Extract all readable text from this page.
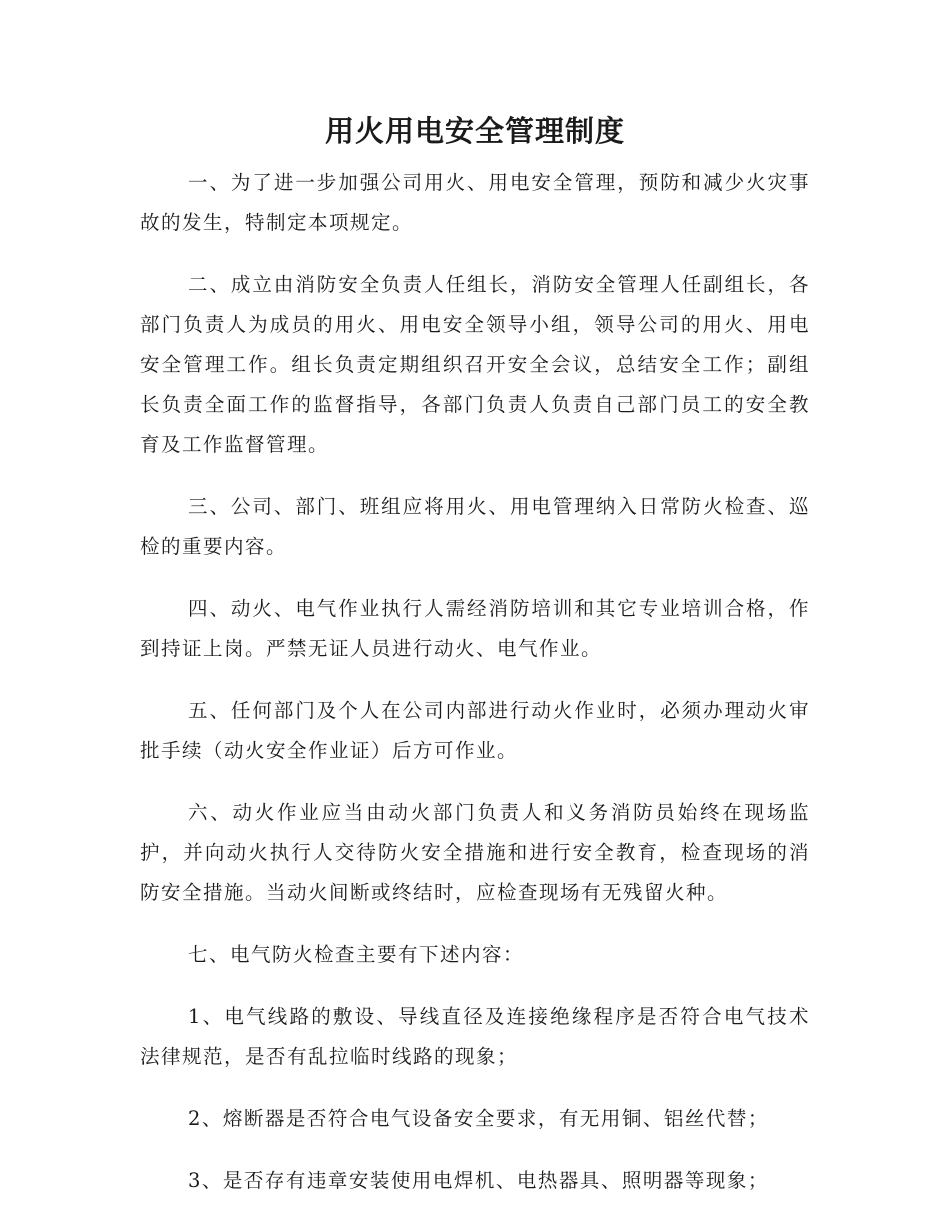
用火用电安全管理制度

一、为了进一步加强公司用火、用电安全管理，预防和减少火灾事故的发生，特制定本项规定。

二、成立由消防安全负责人任组长，消防安全管理人任副组长，各部门负责人为成员的用火、用电安全领导小组，领导公司的用火、用电安全管理工作。组长负责定期组织召开安全会议，总结安全工作；副组长负责全面工作的监督指导，各部门负责人负责自己部门员工的安全教育及工作监督管理。

三、公司、部门、班组应将用火、用电管理纳入日常防火检查、巡检的重要内容。

四、动火、电气作业执行人需经消防培训和其它专业培训合格，作到持证上岗。严禁无证人员进行动火、电气作业。

五、任何部门及个人在公司内部进行动火作业时，必须办理动火审批手续（动火安全作业证）后方可作业。

六、动火作业应当由动火部门负责人和义务消防员始终在现场监护，并向动火执行人交待防火安全措施和进行安全教育，检查现场的消防安全措施。当动火间断或终结时，应检查现场有无残留火种。

七、电气防火检查主要有下述内容：

1、电气线路的敷设、导线直径及连接绝缘程序是否符合电气技术法律规范，是否有乱拉临时线路的现象；

2、熔断器是否符合电气设备安全要求，有无用铜、铝丝代替；

3、是否存有违章安装使用电焊机、电热器具、照明器等现象；
